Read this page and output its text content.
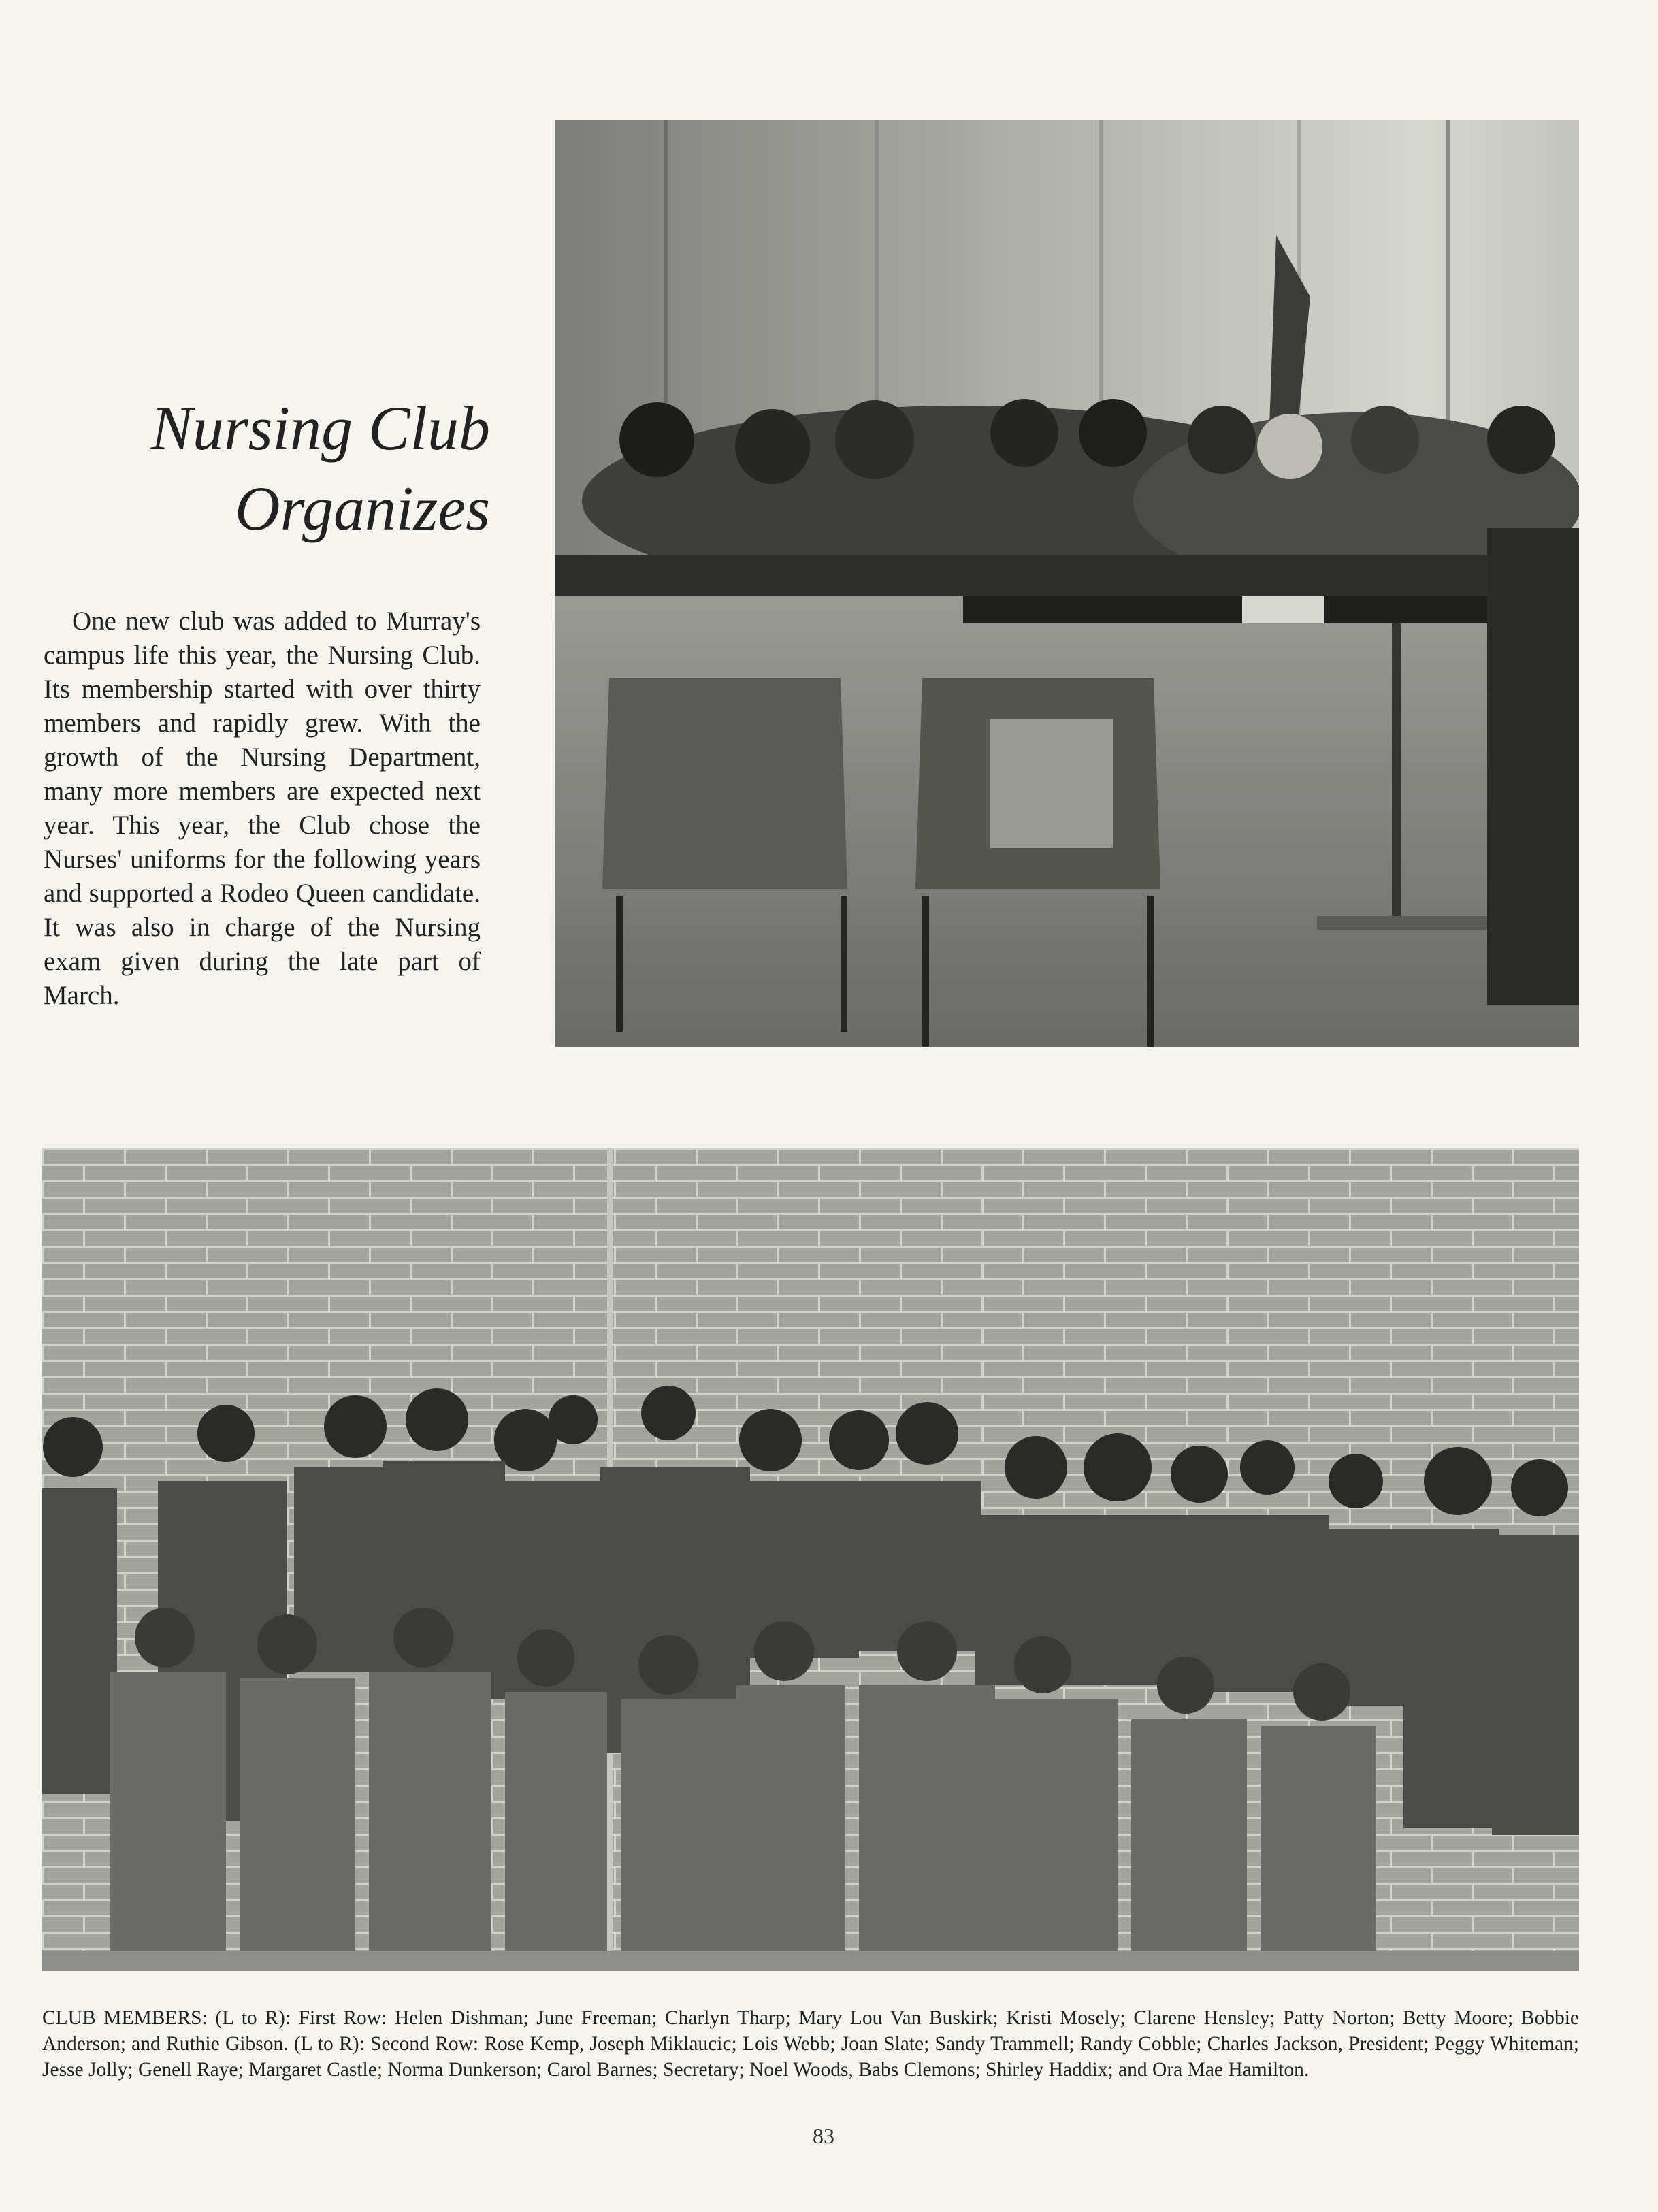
Nursing Club
Organizes

One new club was added to Murray's campus life this year, the Nursing Club. Its membership started with over thirty members and rapidly grew. With the growth of the Nursing Department, many more members are expected next year. This year, the Club chose the Nurses' uniforms for the following years and supported a Rodeo Queen candidate. It was also in charge of the Nursing exam given during the late part of March.

CLUB MEMBERS: (L to R): First Row: Helen Dishman; June Freeman; Charlyn Tharp; Mary Lou Van Buskirk; Kristi Mosely; Clarene Hensley; Patty Norton; Betty Moore; Bobbie Anderson; and Ruthie Gibson. (L to R): Second Row: Rose Kemp, Joseph Miklaucic; Lois Webb; Joan Slate; Sandy Trammell; Randy Cobble; Charles Jackson, President; Peggy Whiteman; Jesse Jolly; Genell Raye; Margaret Castle; Norma Dunkerson; Carol Barnes; Secretary; Noel Woods, Babs Clemons; Shirley Haddix; and Ora Mae Hamilton.

83
